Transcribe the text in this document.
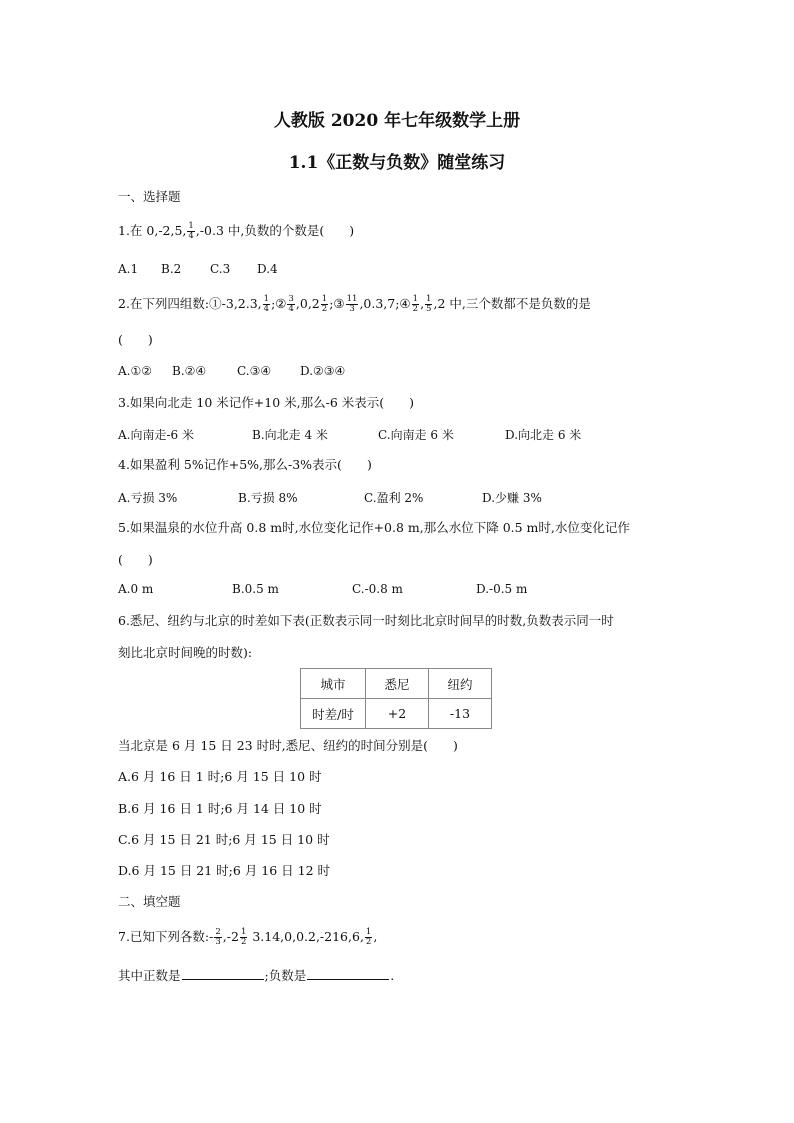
人教版 2020 年七年级数学上册
1.1《正数与负数》随堂练习
一、选择题
1.在 0,-2,5, $\frac{1}{4} ,-0.3$ 中,负数的个数是(　　)
A.1 B.2 C.3 D.4
2.在下列四组数:①-3,2.3, $\frac{1}{4}$ ;② $\frac{3}{4} ,0,2 \frac{1}{2}$ ;③ $\frac{11}{3}$ ,0.3,7;④ $\frac{1}{2}$ , $\frac{1}{5} ,2$ 中,三个数都不是负数的是
(　　)
A.①② B.②④	C.③④ D.②③④
3.如果向北走 10 米记作+10 米,那么-6 米表示(　　)
A.向南走-6 米	B.向北走 4 米	C.向南走 6 米	D.向北走 6 米
4.如果盈利 5%记作+5%,那么-3%表示(　　)
A.亏损 3%	B.亏损 8%	C.盈利 2%	D.少赚 3%
5.如果温泉的水位升高 0.8 m时,水位变化记作+0.8 m,那么水位下降 0.5 m时,水位变化记作
(　　)
A.0 m	B.0.5 m	C.-0.8 m	D.-0.5 m
6.悉尼、纽约与北京的时差如下表(正数表示同一时刻比北京时间早的时数,负数表示同一时
刻比北京时间晚的时数):
城市	悉尼	纽约
时差/时	+2	-13
当北京是 6 月 15 日 23 时时,悉尼、纽约的时间分别是(　　)
A.6 月 16 日 1 时;6 月 15 日 10 时
B.6 月 16 日 1 时;6 月 14 日 10 时
C.6 月 15 日 21 时;6 月 15 日 10 时
D.6 月 15 日 21 时;6 月 16 日 12 时
二、填空题
7.已知下列各数:- $\frac{2}{3} ,-2 \frac{1}{2} 3.14,0,0.2,-216,6$, $\frac{1}{2}$ ,
其中正数是	;负数是	.
